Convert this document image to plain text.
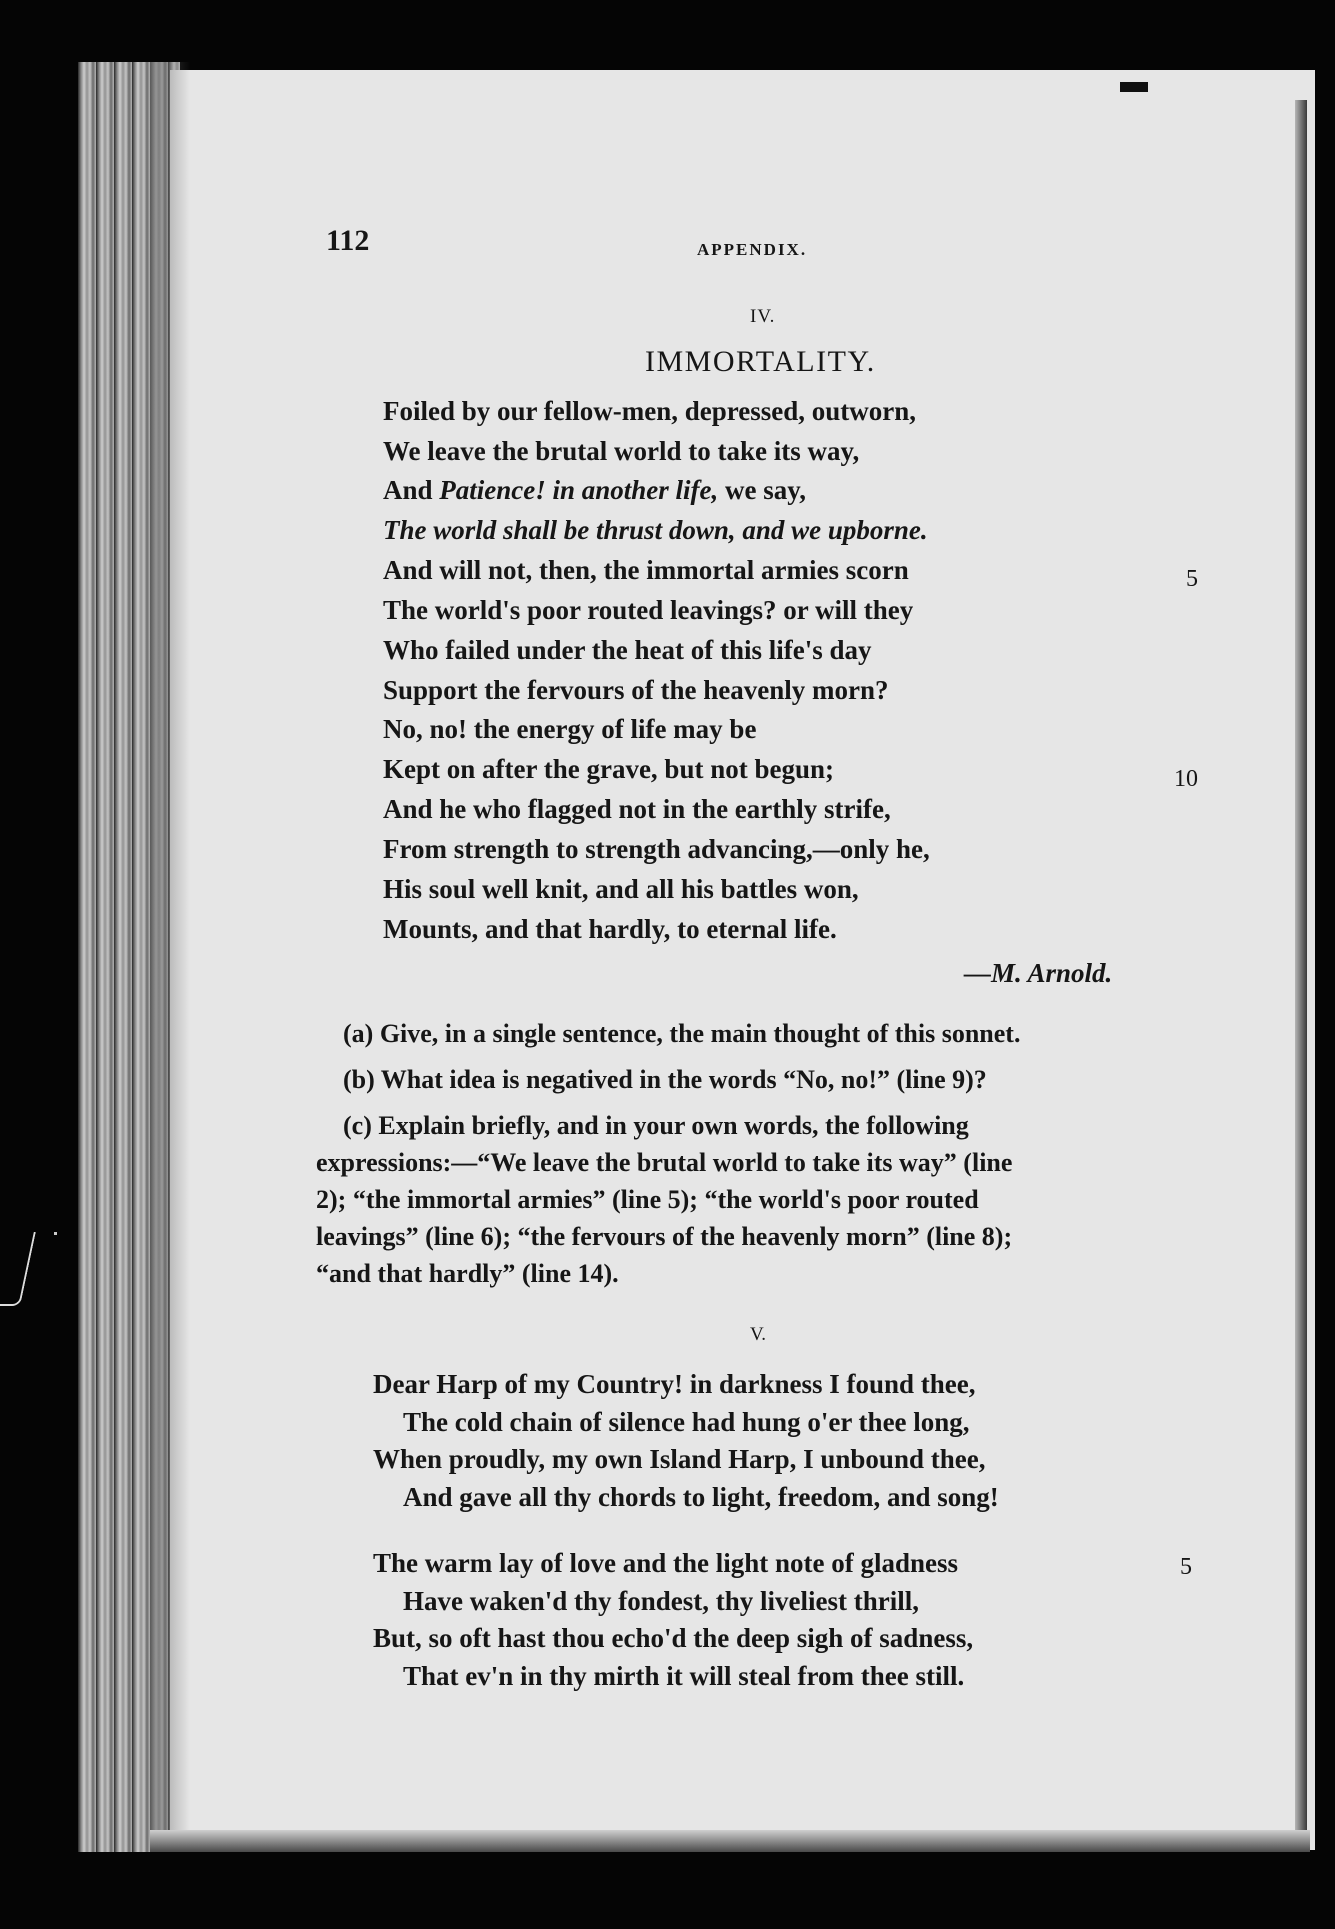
112	APPENDIX.
IV.
IMMORTALITY.
Foiled by our fellow-men, depressed, outworn,
We leave the brutal world to take its way,
And Patience! in another life, we say,
The world shall be thrust down, and we upborne.
And will not, then, the immortal armies scorn
The world's poor routed leavings? or will they
Who failed under the heat of this life's day
Support the fervours of the heavenly morn?
No, no! the energy of life may be
Kept on after the grave, but not begun;
And he who flagged not in the earthly strife,
From strength to strength advancing,—only he,
His soul well knit, and all his battles won,
Mounts, and that hardly, to eternal life.
5
10
—M. Arnold.
(a) Give, in a single sentence, the main thought of this sonnet.
(b) What idea is negatived in the words “No, no!” (line 9)?
(c) Explain briefly, and in your own words, the following
expressions:—“We leave the brutal world to take its way” (line
2); “the immortal armies” (line 5); “the world's poor routed
leavings” (line 6); “the fervours of the heavenly morn” (line 8);
“and that hardly” (line 14).
V.
Dear Harp of my Country! in darkness I found thee,
The cold chain of silence had hung o'er thee long,
When proudly, my own Island Harp, I unbound thee,
And gave all thy chords to light, freedom, and song!
The warm lay of love and the light note of gladness
Have waken'd thy fondest, thy liveliest thrill,
But, so oft hast thou echo'd the deep sigh of sadness,
That ev'n in thy mirth it will steal from thee still.
5
